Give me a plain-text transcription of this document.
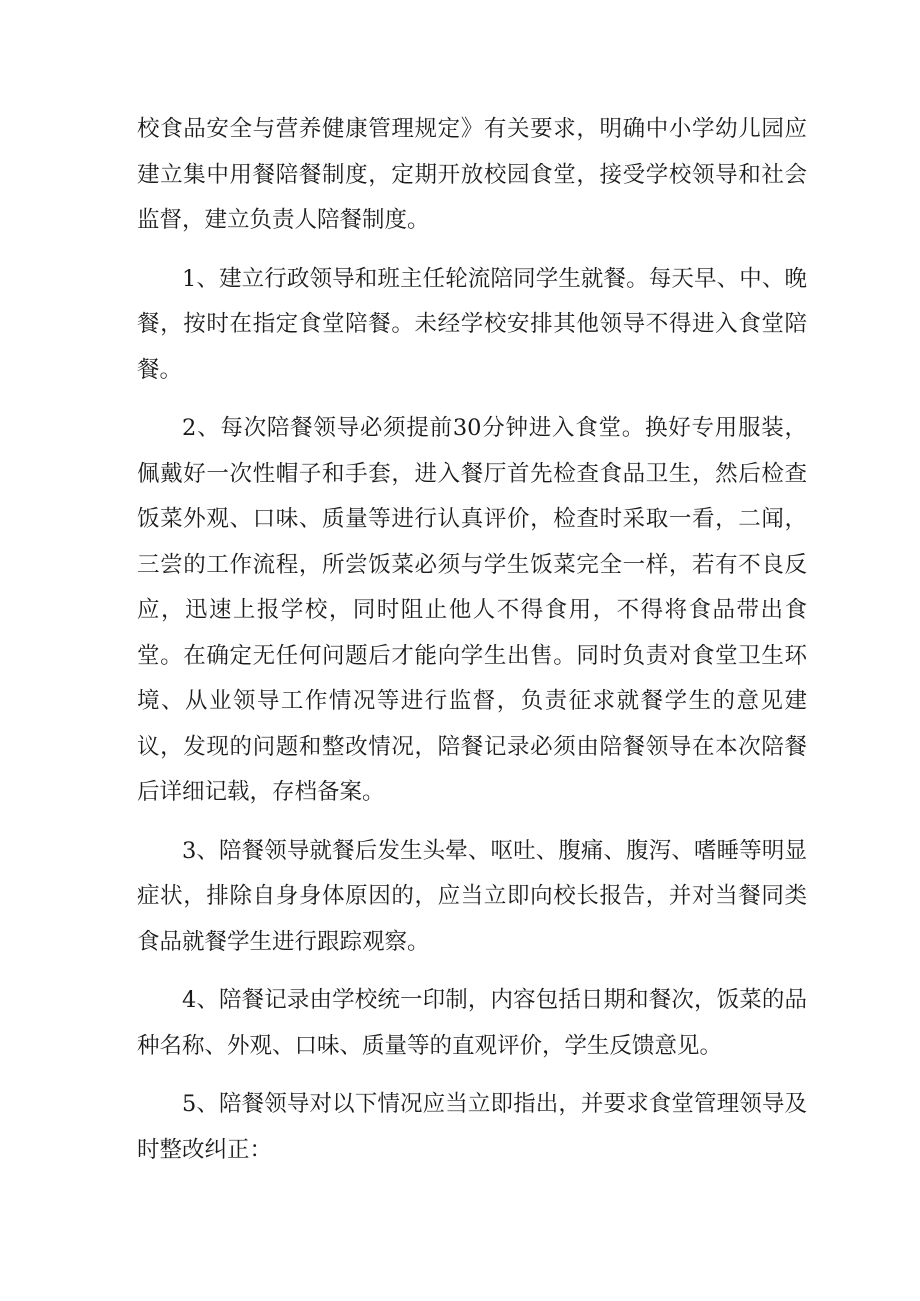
校食品安全与营养健康管理规定》有关要求，明确中小学幼儿园应建立集中用餐陪餐制度，定期开放校园食堂，接受学校领导和社会监督，建立负责人陪餐制度。

1、建立行政领导和班主任轮流陪同学生就餐。每天早、中、晚餐，按时在指定食堂陪餐。未经学校安排其他领导不得进入食堂陪餐。

2、每次陪餐领导必须提前30分钟进入食堂。换好专用服装，佩戴好一次性帽子和手套，进入餐厅首先检查食品卫生，然后检查饭菜外观、口味、质量等进行认真评价，检查时采取一看，二闻，三尝的工作流程，所尝饭菜必须与学生饭菜完全一样，若有不良反应，迅速上报学校，同时阻止他人不得食用，不得将食品带出食堂。在确定无任何问题后才能向学生出售。同时负责对食堂卫生环境、从业领导工作情况等进行监督，负责征求就餐学生的意见建议，发现的问题和整改情况，陪餐记录必须由陪餐领导在本次陪餐后详细记载，存档备案。

3、陪餐领导就餐后发生头晕、呕吐、腹痛、腹泻、嗜睡等明显症状，排除自身身体原因的，应当立即向校长报告，并对当餐同类食品就餐学生进行跟踪观察。

4、陪餐记录由学校统一印制，内容包括日期和餐次，饭菜的品种名称、外观、口味、质量等的直观评价，学生反馈意见。

5、陪餐领导对以下情况应当立即指出，并要求食堂管理领导及时整改纠正：
